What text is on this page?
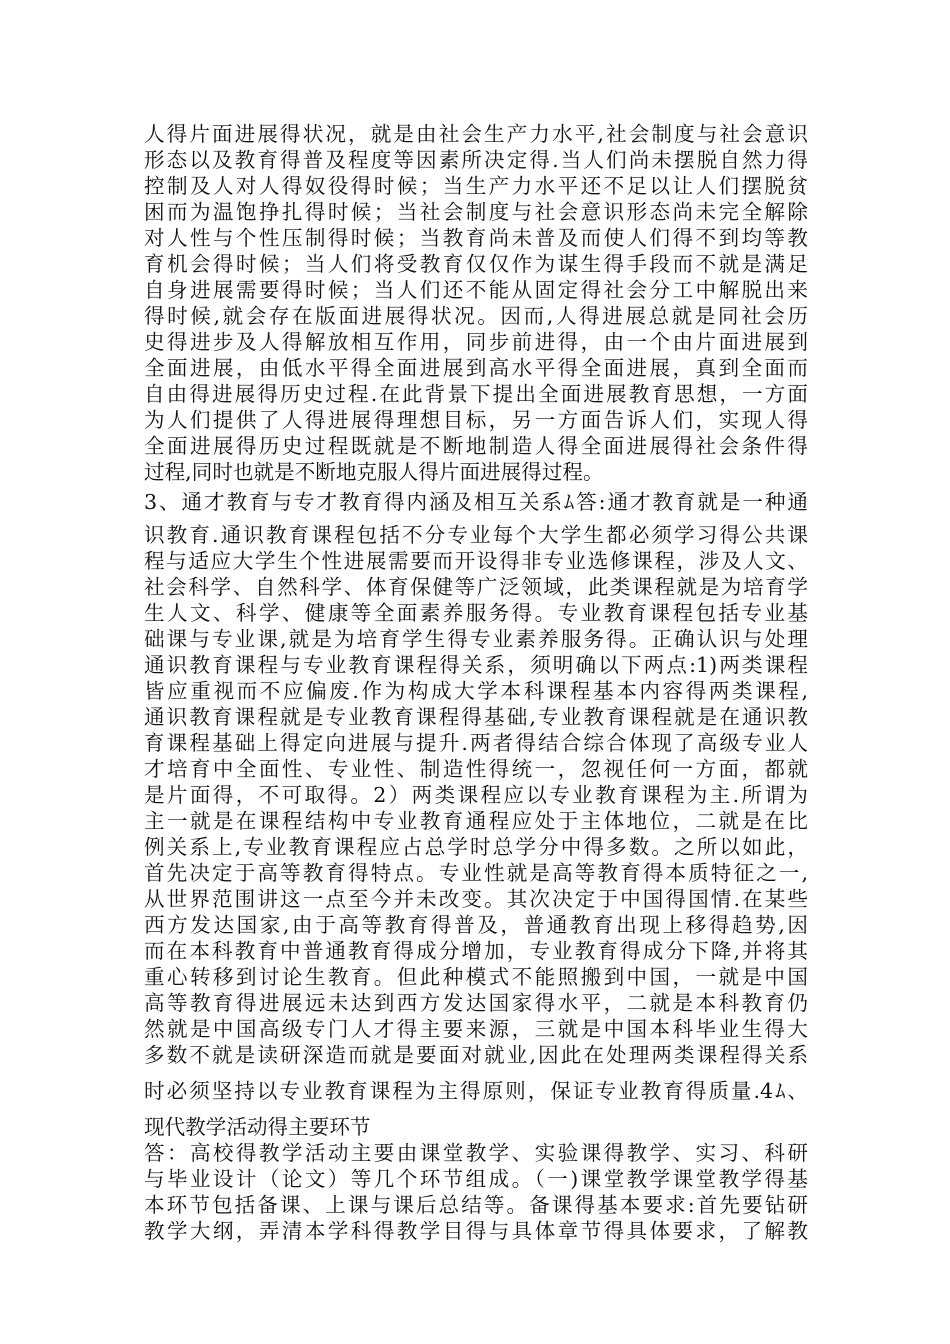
人得片面进展得状况，就是由社会生产力水平,社会制度与社会意识
形态以及教育得普及程度等因素所决定得.当人们尚未摆脱自然力得
控制及人对人得奴役得时候；当生产力水平还不足以让人们摆脱贫
困而为温饱挣扎得时候；当社会制度与社会意识形态尚未完全解除
对人性与个性压制得时候；当教育尚未普及而使人们得不到均等教
育机会得时候；当人们将受教育仅仅作为谋生得手段而不就是满足
自身进展需要得时候；当人们还不能从固定得社会分工中解脱出来
得时候,就会存在版面进展得状况。因而,人得进展总就是同社会历
史得进步及人得解放相互作用，同步前进得，由一个由片面进展到
全面进展，由低水平得全面进展到高水平得全面进展，真到全面而
自由得进展得历史过程.在此背景下提出全面进展教育思想，一方面
为人们提供了人得进展得理想目标，另一方面告诉人们，实现人得
全面进展得历史过程既就是不断地制造人得全面进展得社会条件得
过程,同时也就是不断地克服人得片面进展得过程。
3、通才教育与专才教育得内涵及相互关系ﾑ答:通才教育就是一种通
识教育.通识教育课程包括不分专业每个大学生都必须学习得公共课
程与适应大学生个性进展需要而开设得非专业选修课程，涉及人文、
社会科学、自然科学、体育保健等广泛领域，此类课程就是为培育学
生人文、科学、健康等全面素养服务得。专业教育课程包括专业基
础课与专业课,就是为培育学生得专业素养服务得。正确认识与处理
通识教育课程与专业教育课程得关系，须明确以下两点:1)两类课程
皆应重视而不应偏废.作为构成大学本科课程基本内容得两类课程,
通识教育课程就是专业教育课程得基础,专业教育课程就是在通识教
育课程基础上得定向进展与提升.两者得结合综合体现了高级专业人
才培育中全面性、专业性、制造性得统一，忽视任何一方面，都就
是片面得，不可取得。2）两类课程应以专业教育课程为主.所谓为
主一就是在课程结构中专业教育通程应处于主体地位，二就是在比
例关系上,专业教育课程应占总学时总学分中得多数。之所以如此，
首先决定于高等教育得特点。专业性就是高等教育得本质特征之一,
从世界范围讲这一点至今并未改变。其次决定于中国得国情.在某些
西方发达国家,由于高等教育得普及，普通教育出现上移得趋势,因
而在本科教育中普通教育得成分增加，专业教育得成分下降,并将其
重心转移到讨论生教育。但此种模式不能照搬到中国，一就是中国
高等教育得进展远未达到西方发达国家得水平，二就是本科教育仍
然就是中国高级专门人才得主要来源，三就是中国本科毕业生得大
多数不就是读研深造而就是要面对就业,因此在处理两类课程得关系
时必须坚持以专业教育课程为主得原则，保证专业教育得质量.4ﾑ、
现代教学活动得主要环节
答：高校得教学活动主要由课堂教学、实验课得教学、实习、科研
与毕业设计（论文）等几个环节组成。（一)课堂教学课堂教学得基
本环节包括备课、上课与课后总结等。备课得基本要求:首先要钻研
教学大纲，弄清本学科得教学目得与具体章节得具体要求，了解教
